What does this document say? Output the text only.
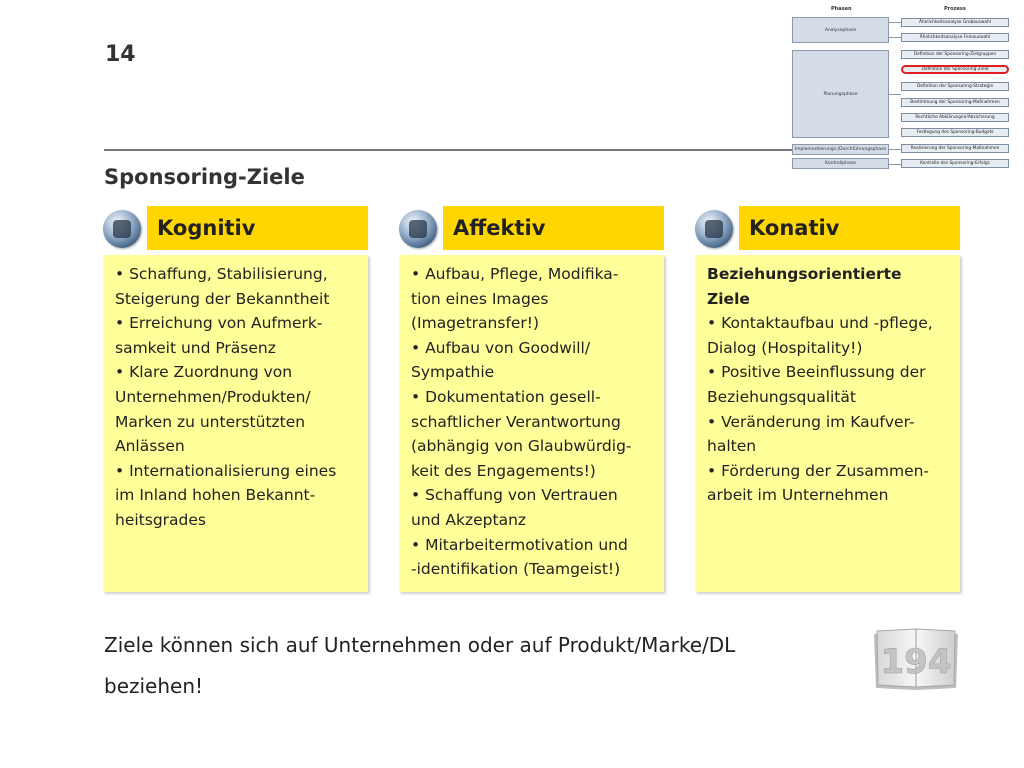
14
Sponsoring-Ziele
Phasen	Prozess
Analysephase
Planungsphase
Implementierungs-/Durchführungsphase
Kontrollphase
Ähnlichkeitsanalyse Grobauswahl
Ähnlichkeitsanalyse Feinauswahl
Definition der Sponsoring-Zielgruppen
Definition der Sponsoring-Ziele
Definition der Sponsoring-Strategie
Bestimmung der Sponsoring-Maßnahmen
Rechtliche Abklärungen/Absicherung
Festlegung des Sponsoring-Budgets
Realisierung der Sponsoring-Maßnahmen
Kontrolle des Sponsoring-Erfolgs
Kognitiv
• Schaffung, Stabilisierung,
Steigerung der Bekanntheit
• Erreichung von Aufmerk-
samkeit und Präsenz
• Klare Zuordnung von
Unternehmen/Produkten/
Marken zu unterstützten
Anlässen
• Internationalisierung eines
im Inland hohen Bekannt-
heitsgrades
Affektiv
• Aufbau, Pflege, Modifika-
tion eines Images
(Imagetransfer!)
• Aufbau von Goodwill/
Sympathie
• Dokumentation gesell-
schaftlicher Verantwortung
(abhängig von Glaubwürdig-
keit des Engagements!)
• Schaffung von Vertrauen
und Akzeptanz
• Mitarbeitermotivation und
-identifikation (Teamgeist!)
Konativ
Beziehungsorientierte
Ziele
• Kontaktaufbau und -pflege,
Dialog (Hospitality!)
• Positive Beeinflussung der
Beziehungsqualität
• Veränderung im Kaufver-
halten
• Förderung der Zusammen-
arbeit im Unternehmen
Ziele können sich auf Unternehmen oder auf Produkt/Marke/DL
beziehen!
194
